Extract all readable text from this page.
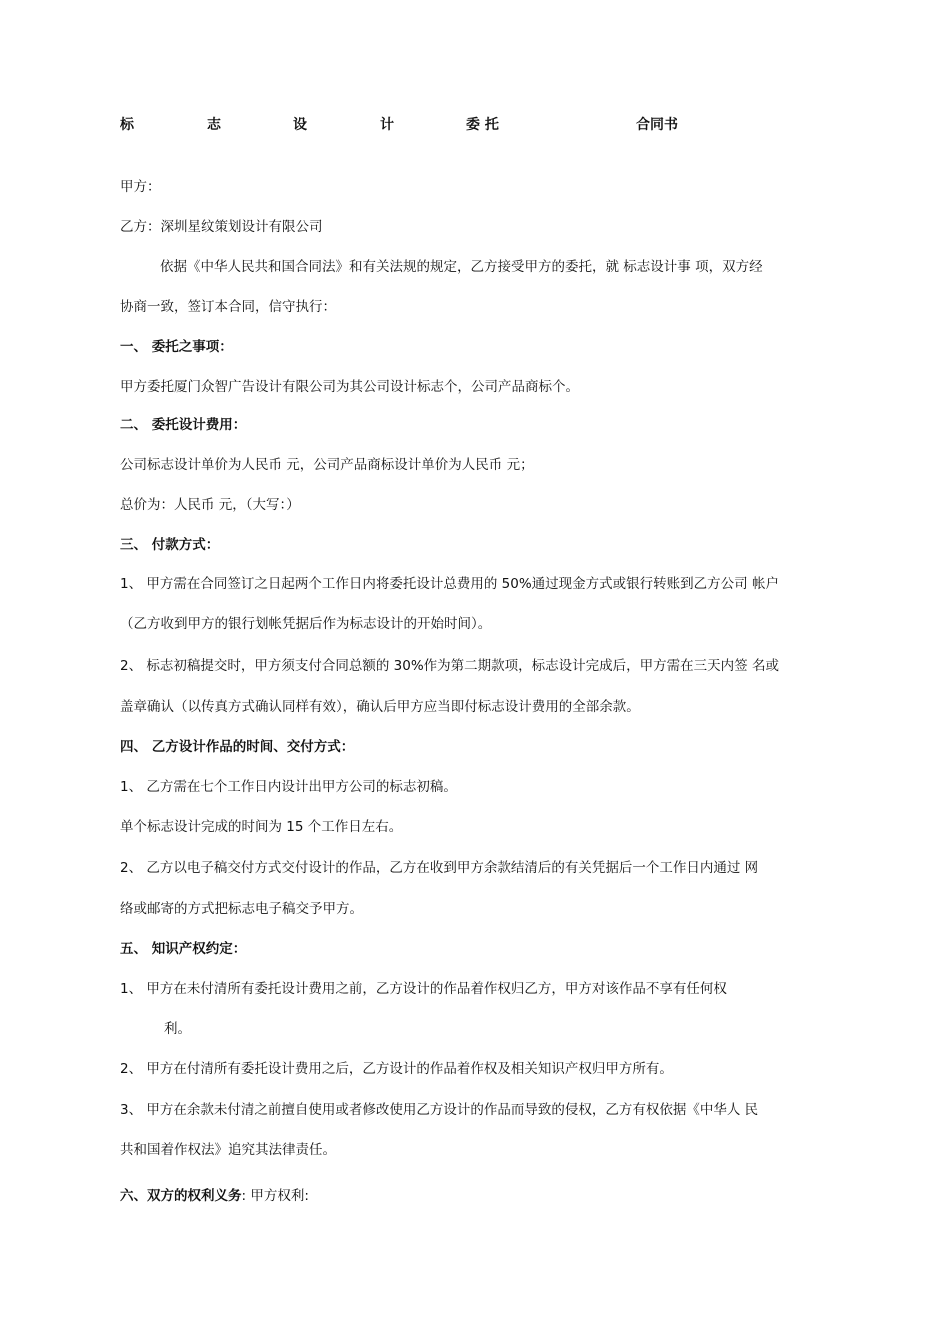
标	志	设	计	委 托	合同书
甲方：
乙方：深圳星纹策划设计有限公司
依据《中华人民共和国合同法》和有关法规的规定，乙方接受甲方的委托，就 标志设计事 项，双方经
协商一致，签订本合同，信守执行：
一、 委托之事项：
甲方委托厦门众智广告设计有限公司为其公司设计标志个，公司产品商标个。
二、 委托设计费用：
公司标志设计单价为人民币 元，公司产品商标设计单价为人民币 元；
总价为：人民币 元，（大写：）
三、 付款方式：
1、 甲方需在合同签订之日起两个工作日内将委托设计总费用的 50%通过现金方式或银行转账到乙方公司 帐户
（乙方收到甲方的银行划帐凭据后作为标志设计的开始时间）。
2、 标志初稿提交时，甲方须支付合同总额的 30%作为第二期款项，标志设计完成后，甲方需在三天内签 名或
盖章确认（以传真方式确认同样有效），确认后甲方应当即付标志设计费用的全部余款。
四、 乙方设计作品的时间、交付方式：
1、 乙方需在七个工作日内设计出甲方公司的标志初稿。
单个标志设计完成的时间为 15 个工作日左右。
2、 乙方以电子稿交付方式交付设计的作品，乙方在收到甲方余款结清后的有关凭据后一个工作日内通过 网
络或邮寄的方式把标志电子稿交予甲方。
五、 知识产权约定：
1、 甲方在未付清所有委托设计费用之前，乙方设计的作品着作权归乙方，甲方对该作品不享有任何权
利。
2、 甲方在付清所有委托设计费用之后，乙方设计的作品着作权及相关知识产权归甲方所有。
3、 甲方在余款未付清之前擅自使用或者修改使用乙方设计的作品而导致的侵权，乙方有权依据《中华人 民
共和国着作权法》追究其法律责任。
六、双方的权利义务: 甲方权利:
